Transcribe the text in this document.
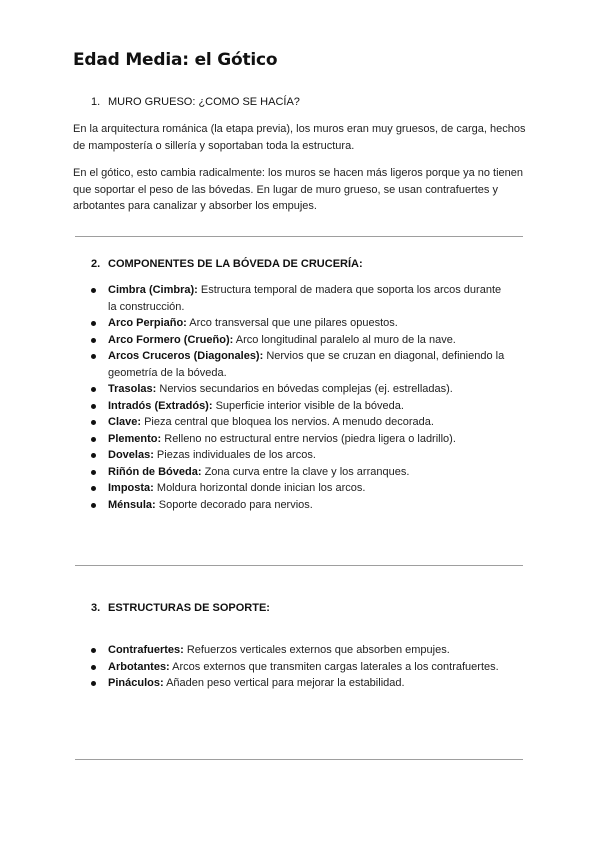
Edad Media: el Gótico
1. MURO GRUESO: ¿COMO SE HACÍA?

En la arquitectura románica (la etapa previa), los muros eran muy gruesos, de carga, hechos de mampostería o sillería y soportaban toda la estructura.

En el gótico, esto cambia radicalmente: los muros se hacen más ligeros porque ya no tienen que soportar el peso de las bóvedas. En lugar de muro grueso, se usan contrafuertes y arbotantes para canalizar y absorber los empujes.

2. COMPONENTES DE LA BÓVEDA DE CRUCERÍA:
Cimbra (Cimbra): Estructura temporal de madera que soporta los arcos durante la construcción.
Arco Perpiaño: Arco transversal que une pilares opuestos.
Arco Formero (Crueño): Arco longitudinal paralelo al muro de la nave.
Arcos Cruceros (Diagonales): Nervios que se cruzan en diagonal, definiendo la geometría de la bóveda.
Trasolas: Nervios secundarios en bóvedas complejas (ej. estrelladas).
Intradós (Extradós): Superficie interior visible de la bóveda.
Clave: Pieza central que bloquea los nervios. A menudo decorada.
Plemento: Relleno no estructural entre nervios (piedra ligera o ladrillo).
Dovelas: Piezas individuales de los arcos.
Riñón de Bóveda: Zona curva entre la clave y los arranques.
Imposta: Moldura horizontal donde inician los arcos.
Ménsula: Soporte decorado para nervios.
3. ESTRUCTURAS DE SOPORTE:
Contrafuertes: Refuerzos verticales externos que absorben empujes.
Arbotantes: Arcos externos que transmiten cargas laterales a los contrafuertes.
Pináculos: Añaden peso vertical para mejorar la estabilidad.
